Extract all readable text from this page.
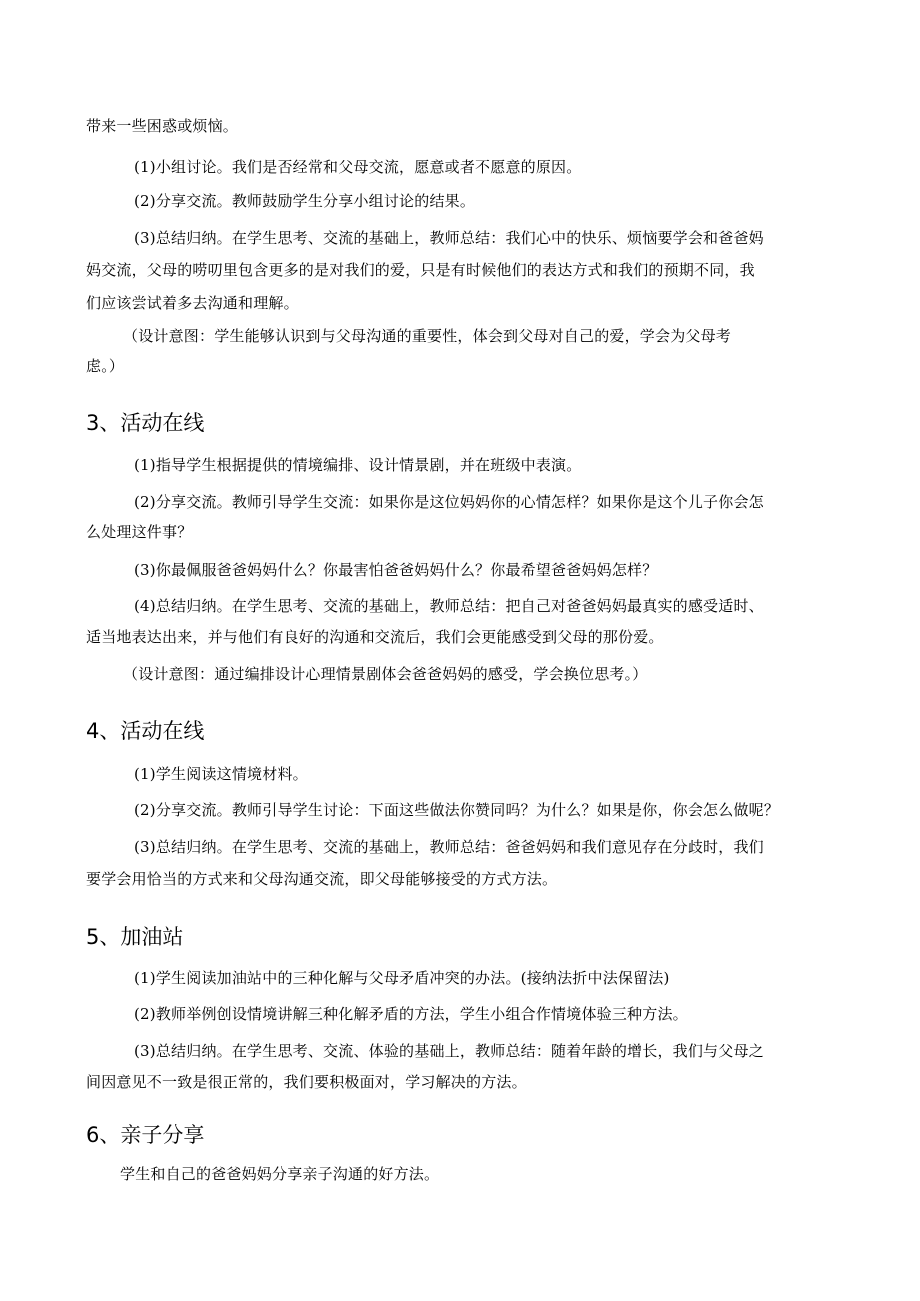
带来一些困惑或烦恼。
(1)小组讨论。我们是否经常和父母交流，愿意或者不愿意的原因。
(2)分享交流。教师鼓励学生分享小组讨论的结果。
(3)总结归纳。在学生思考、交流的基础上，教师总结：我们心中的快乐、烦恼要学会和爸爸妈
妈交流，父母的唠叨里包含更多的是对我们的爱，只是有时候他们的表达方式和我们的预期不同，我
们应该尝试着多去沟通和理解。
（设计意图：学生能够认识到与父母沟通的重要性，体会到父母对自己的爱，学会为父母考
虑。）
3、活动在线
(1)指导学生根据提供的情境编排、设计情景剧，并在班级中表演。
(2)分享交流。教师引导学生交流：如果你是这位妈妈你的心情怎样？如果你是这个儿子你会怎
么处理这件事？
(3)你最佩服爸爸妈妈什么？你最害怕爸爸妈妈什么？你最希望爸爸妈妈怎样？
(4)总结归纳。在学生思考、交流的基础上，教师总结：把自己对爸爸妈妈最真实的感受适时、
适当地表达出来，并与他们有良好的沟通和交流后，我们会更能感受到父母的那份爱。
（设计意图：通过编排设计心理情景剧体会爸爸妈妈的感受，学会换位思考。）
4、活动在线
(1)学生阅读这情境材料。
(2)分享交流。教师引导学生讨论：下面这些做法你赞同吗？为什么？如果是你，你会怎么做呢？
(3)总结归纳。在学生思考、交流的基础上，教师总结：爸爸妈妈和我们意见存在分歧时，我们
要学会用恰当的方式来和父母沟通交流，即父母能够接受的方式方法。
5、加油站
(1)学生阅读加油站中的三种化解与父母矛盾冲突的办法。(接纳法折中法保留法)
(2)教师举例创设情境讲解三种化解矛盾的方法，学生小组合作情境体验三种方法。
(3)总结归纳。在学生思考、交流、体验的基础上，教师总结：随着年龄的增长，我们与父母之
间因意见不一致是很正常的，我们要积极面对，学习解决的方法。
6、亲子分享
学生和自己的爸爸妈妈分享亲子沟通的好方法。
